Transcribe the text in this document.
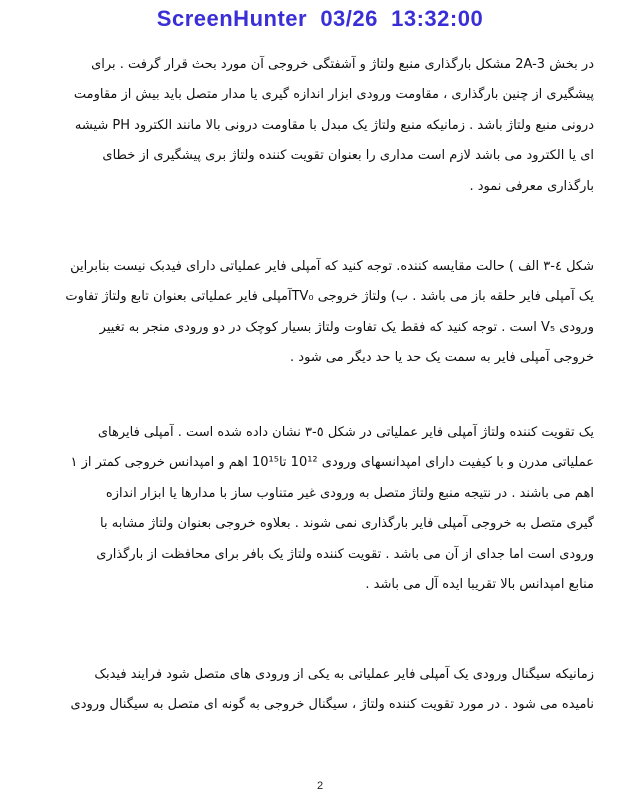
ScreenHunter 03/26 13:32:00
در بخش 2A-3 مشکل بارگذاری منبع ولتاژ و آشفتگی خروجی آن مورد بحث قرار گرفت . برای
پیشگیری از چنین بارگذاری ، مقاومت ورودی ابزار اندازه گیری یا مدار متصل باید بیش از مقاومت
درونی منبع ولتاژ باشد . زمانیکه منبع ولتاژ یک مبدل با مقاومت درونی بالا مانند الکترود PH شیشه
ای یا الکترود می باشد لازم است مداری را بعنوان تقویت کننده ولتاژ بری پیشگیری از خطای
بارگذاری معرفی نمود .
شکل ٤-٣ الف ) حالت مقایسه کننده. توجه کنید که آمپلی فایر عملیاتی دارای فیدبک نیست بنابراین
یک آمپلی فایر حلقه باز می باشد . ب) ولتاژ خروجی TV₀آمپلی فایر عملیاتی بعنوان تابع ولتاژ تفاوت
ورودی V₅ است . توجه کنید که فقط یک تفاوت ولتاژ بسیار کوچک در دو ورودی منجر به تغییر
خروجی آمپلی فایر به سمت یک حد یا حد دیگر می شود .
یک تقویت کننده ولتاژ آمپلی فایر عملیاتی در شکل ٥-٣ نشان داده شده است . آمپلی فایرهای
عملیاتی مدرن و با کیفیت دارای امپدانسهای ورودی 10¹² تا10¹⁵ اهم و امپدانس خروجی کمتر از ۱
اهم می باشند . در نتیجه منبع ولتاژ متصل به ورودی غیر متناوب ساز با مدارها یا ابزار اندازه
گیری متصل به خروجی آمپلی فایر بارگذاری نمی شوند . بعلاوه خروجی بعنوان ولتاژ مشابه با
ورودی است اما جدای از آن می باشد . تقویت کننده ولتاژ یک بافر برای محافظت از بارگذاری
منابع امپدانس بالا تقریبا ایده آل می باشد .
زمانیکه سیگنال ورودی یک آمپلی فایر عملیاتی به یکی از ورودی های متصل شود فرایند فیدبک
نامیده می شود . در مورد تقویت کننده ولتاژ ، سیگنال خروجی به گونه ای متصل به سیگنال ورودی
2
